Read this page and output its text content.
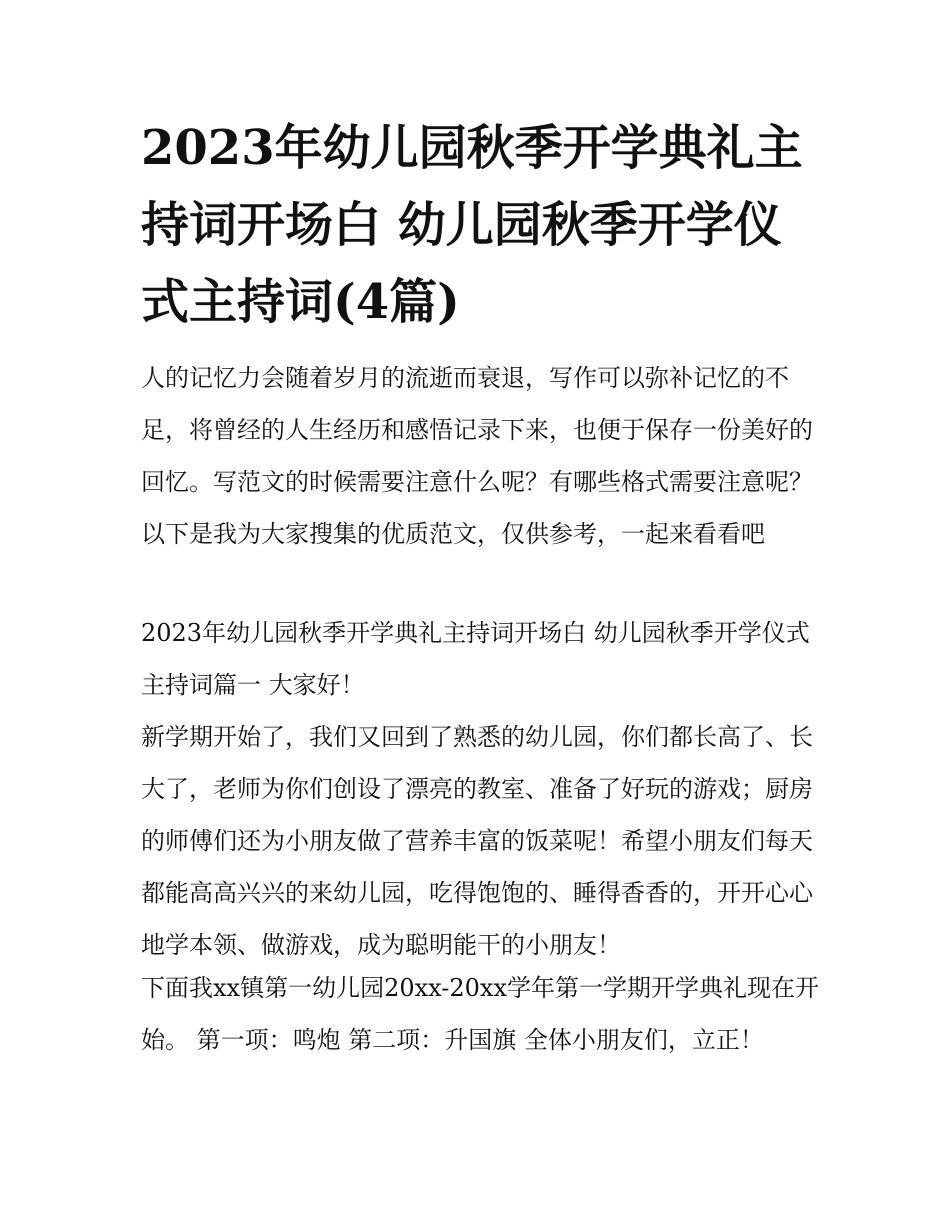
2023年幼儿园秋季开学典礼主持词开场白 幼儿园秋季开学仪式主持词(4篇)

人的记忆力会随着岁月的流逝而衰退，写作可以弥补记忆的不足，将曾经的人生经历和感悟记录下来，也便于保存一份美好的回忆。写范文的时候需要注意什么呢？有哪些格式需要注意呢？以下是我为大家搜集的优质范文，仅供参考，一起来看看吧

2023年幼儿园秋季开学典礼主持词开场白 幼儿园秋季开学仪式主持词篇一 大家好！

新学期开始了，我们又回到了熟悉的幼儿园，你们都长高了、长大了，老师为你们创设了漂亮的教室、准备了好玩的游戏；厨房的师傅们还为小朋友做了营养丰富的饭菜呢！希望小朋友们每天都能高高兴兴的来幼儿园，吃得饱饱的、睡得香香的，开开心心地学本领、做游戏，成为聪明能干的小朋友！

下面我xx镇第一幼儿园20xx-20xx学年第一学期开学典礼现在开始。 第一项：鸣炮 第二项：升国旗 全体小朋友们，立正！
